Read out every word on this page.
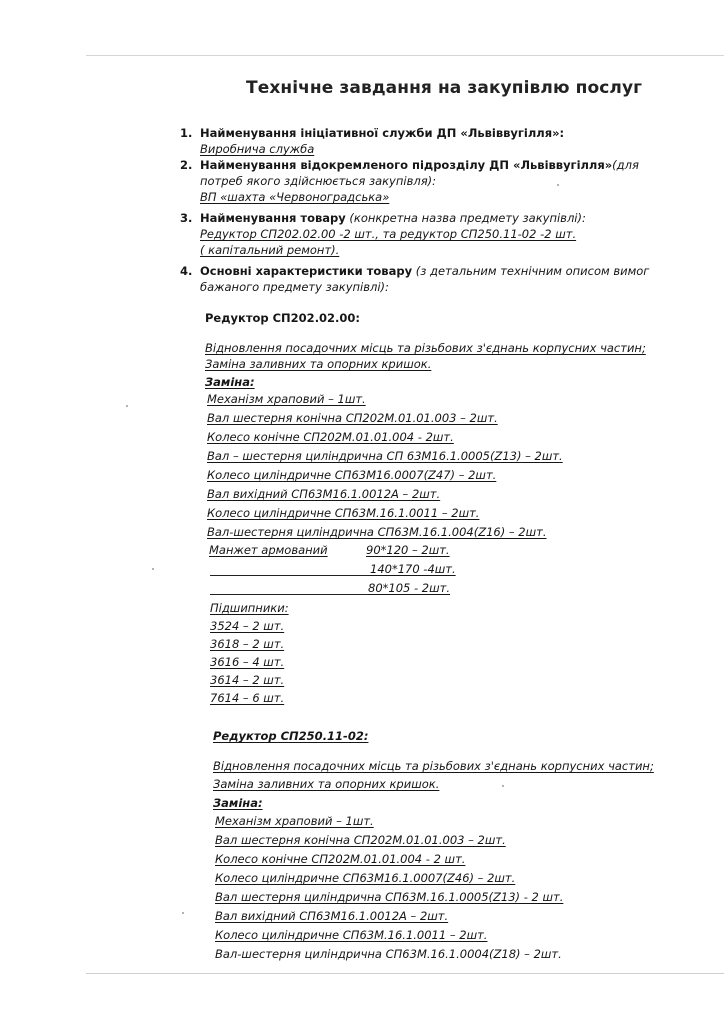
Технічне завдання на закупівлю послуг
1. Найменування ініціативної служби ДП «Львіввугілля»:
Виробнича служба
2. Найменування відокремленого підрозділу ДП «Львіввугілля»(для
потреб якого здійснюється закупівля):
ВП «шахта «Червоноградська»
3. Найменування товару (конкретна назва предмету закупівлі):
Редуктор СП202.02.00 -2 шт., та редуктор СП250.11-02 -2 шт.
( капітальний ремонт).
4. Основні характеристики товару (з детальним технічним описом вимог
бажаного предмету закупівлі):
Редуктор СП202.02.00:
Відновлення посадочних місць та різьбових з'єднань корпусних частин;
Заміна заливних та опорних кришок.
Заміна:
Механізм храповий – 1шт.
Вал шестерня конічна СП202М.01.01.003 – 2шт.
Колесо конічне СП202М.01.01.004 - 2шт.
Вал – шестерня циліндрична СП 63М16.1.0005(Z13) – 2шт.
Колесо циліндричне СП63М16.0007(Z47) – 2шт.
Вал вихідний СП63М16.1.0012А – 2шт.
Колесо циліндричне СП63М.16.1.0011 – 2шт.
Вал-шестерня циліндрична СП63М.16.1.004(Z16) – 2шт.
Манжет армований	90*120 – 2шт.
140*170 -4шт.
80*105 - 2шт.
Підшипники:
3524 – 2 шт.
3618 – 2 шт.
3616 – 4 шт.
3614 – 2 шт.
7614 – 6 шт.
Редуктор СП250.11-02:
Відновлення посадочних місць та різьбових з'єднань корпусних частин;
Заміна заливних та опорних кришок.
Заміна:
Механізм храповий – 1шт.
Вал шестерня конічна СП202М.01.01.003 – 2шт.
Колесо конічне СП202М.01.01.004 - 2 шт.
Колесо циліндричне СП63М16.1.0007(Z46) – 2шт.
Вал шестерня циліндрична СП63М.16.1.0005(Z13) - 2 шт.
Вал вихідний СП63М16.1.0012А – 2шт.
Колесо циліндричне СП63М.16.1.0011 – 2шт.
Вал-шестерня циліндрична СП63М.16.1.0004(Z18) – 2шт.
